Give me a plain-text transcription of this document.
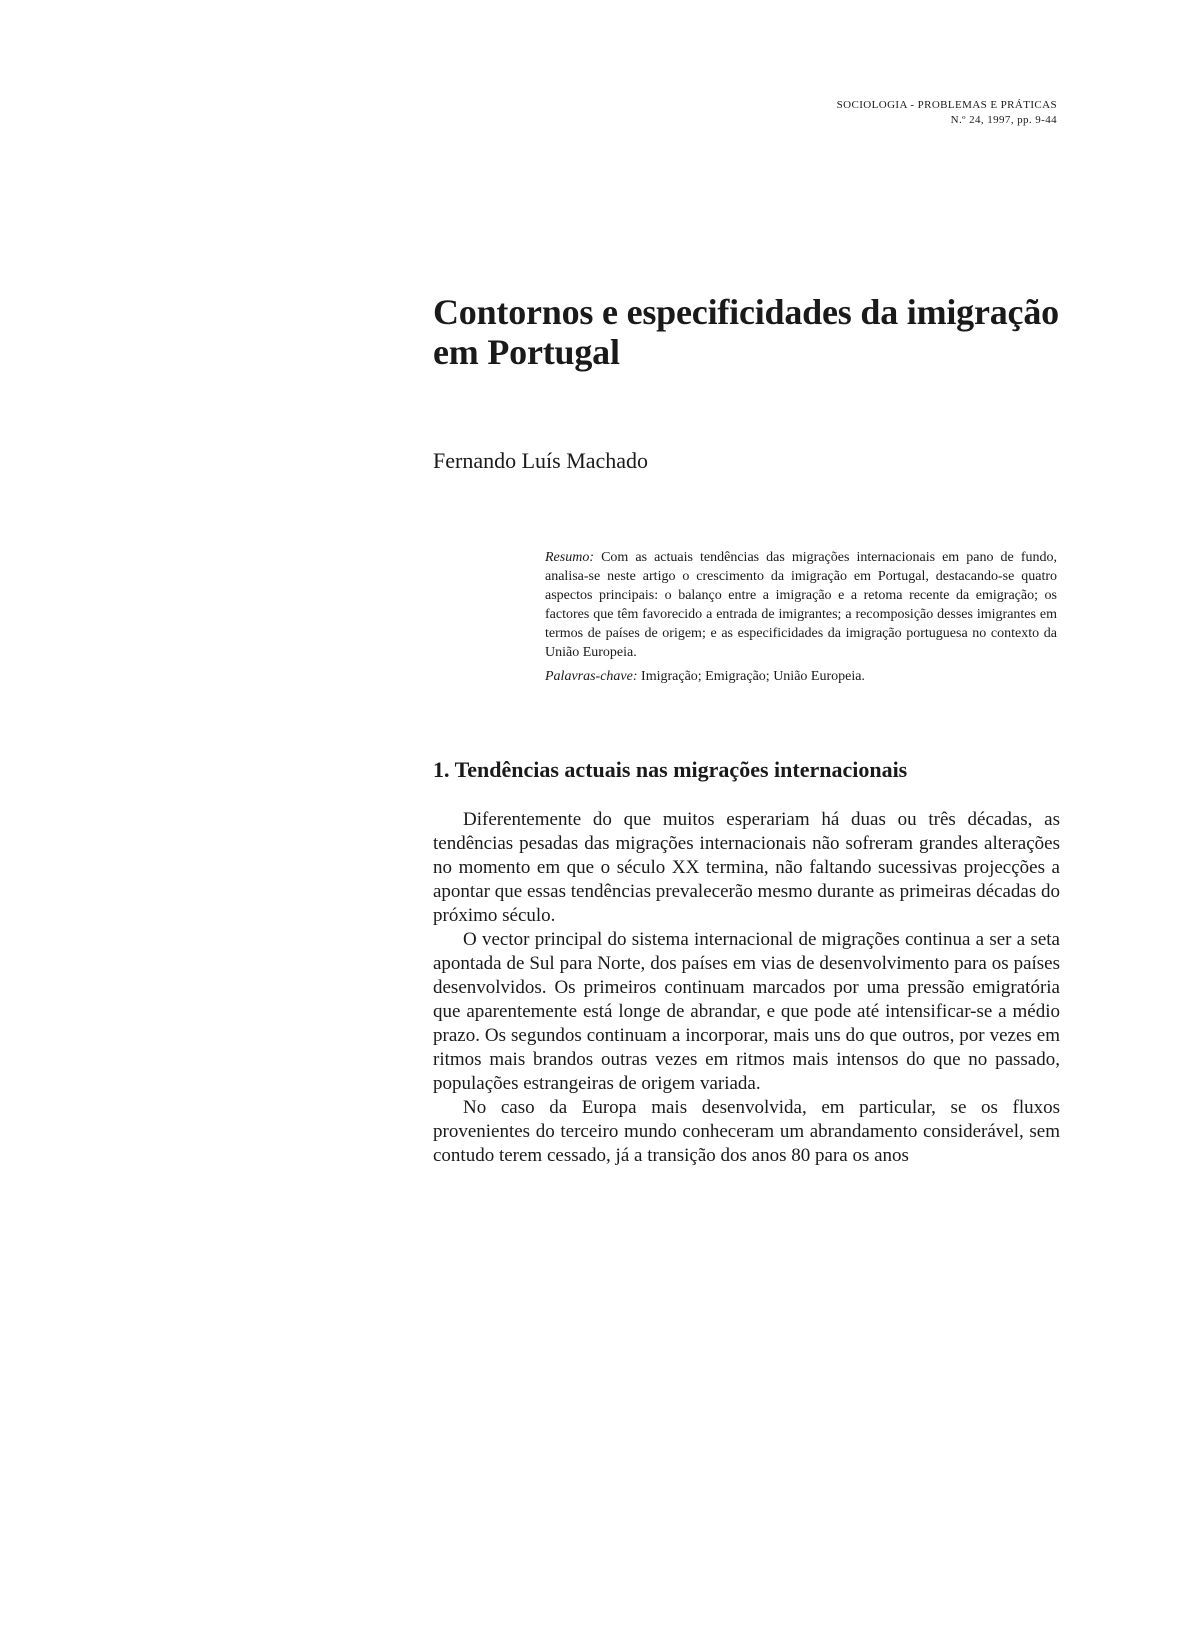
SOCIOLOGIA - PROBLEMAS E PRÁTICAS
N.º 24, 1997, pp. 9-44
Contornos e especificidades da imigração em Portugal

Fernando Luís Machado

Resumo: Com as actuais tendências das migrações internacionais em pano de fundo, analisa-se neste artigo o crescimento da imigração em Portugal, destacando-se quatro aspectos principais: o balanço entre a imigração e a retoma recente da emigração; os factores que têm favorecido a entrada de imigrantes; a recomposição desses imigrantes em termos de países de origem; e as especificidades da imigração portuguesa no contexto da União Europeia.

Palavras-chave: Imigração; Emigração; União Europeia.

1. Tendências actuais nas migrações internacionais

Diferentemente do que muitos esperariam há duas ou três décadas, as tendências pesadas das migrações internacionais não sofreram grandes alterações no momento em que o século XX termina, não faltando sucessivas projecções a apontar que essas tendências prevalecerão mesmo durante as primeiras décadas do próximo século.

O vector principal do sistema internacional de migrações continua a ser a seta apontada de Sul para Norte, dos países em vias de desenvolvimento para os países desenvolvidos. Os primeiros continuam marcados por uma pressão emigratória que aparentemente está longe de abrandar, e que pode até intensificar-se a médio prazo. Os segundos continuam a incorporar, mais uns do que outros, por vezes em ritmos mais brandos outras vezes em ritmos mais intensos do que no passado, populações estrangeiras de origem variada.

No caso da Europa mais desenvolvida, em particular, se os fluxos provenientes do terceiro mundo conheceram um abrandamento considerável, sem contudo terem cessado, já a transição dos anos 80 para os anos
